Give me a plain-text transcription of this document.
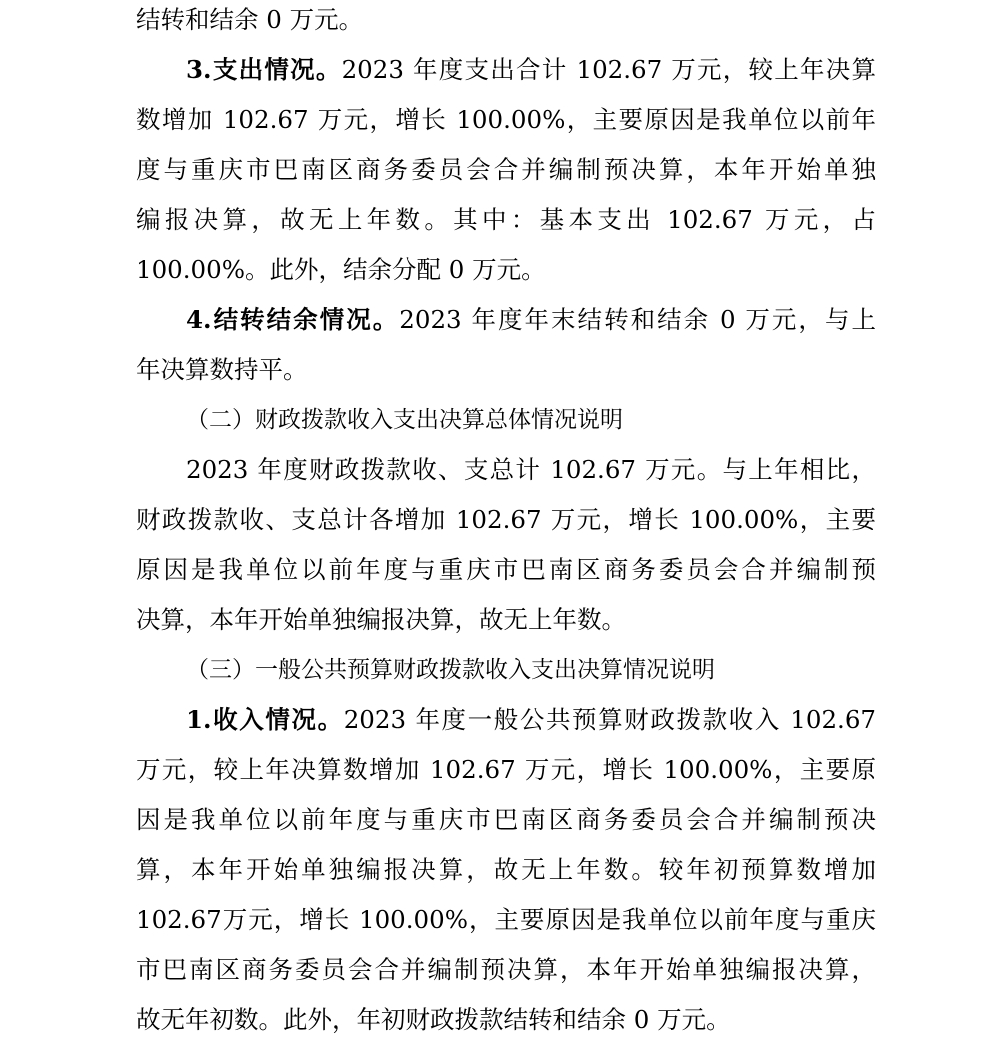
结转和结余 0 万元。
3.支出情况。2023 年度支出合计 102.67 万元，较上年决算
数增加 102.67 万元，增长 100.00%，主要原因是我单位以前年
度与重庆市巴南区商务委员会合并编制预决算，本年开始单独
编报决算，故无上年数。其中：基本支出 102.67 万元，占
100.00%。此外，结余分配 0 万元。
4.结转结余情况。2023 年度年末结转和结余 0 万元，与上
年决算数持平。
（二）财政拨款收入支出决算总体情况说明
2023 年度财政拨款收、支总计 102.67 万元。与上年相比，
财政拨款收、支总计各增加 102.67 万元，增长 100.00%，主要
原因是我单位以前年度与重庆市巴南区商务委员会合并编制预
决算，本年开始单独编报决算，故无上年数。
（三）一般公共预算财政拨款收入支出决算情况说明
1.收入情况。2023 年度一般公共预算财政拨款收入 102.67
万元，较上年决算数增加 102.67 万元，增长 100.00%，主要原
因是我单位以前年度与重庆市巴南区商务委员会合并编制预决
算，本年开始单独编报决算，故无上年数。较年初预算数增加
102.67万元，增长 100.00%，主要原因是我单位以前年度与重庆
市巴南区商务委员会合并编制预决算，本年开始单独编报决算，
故无年初数。此外，年初财政拨款结转和结余 0 万元。
